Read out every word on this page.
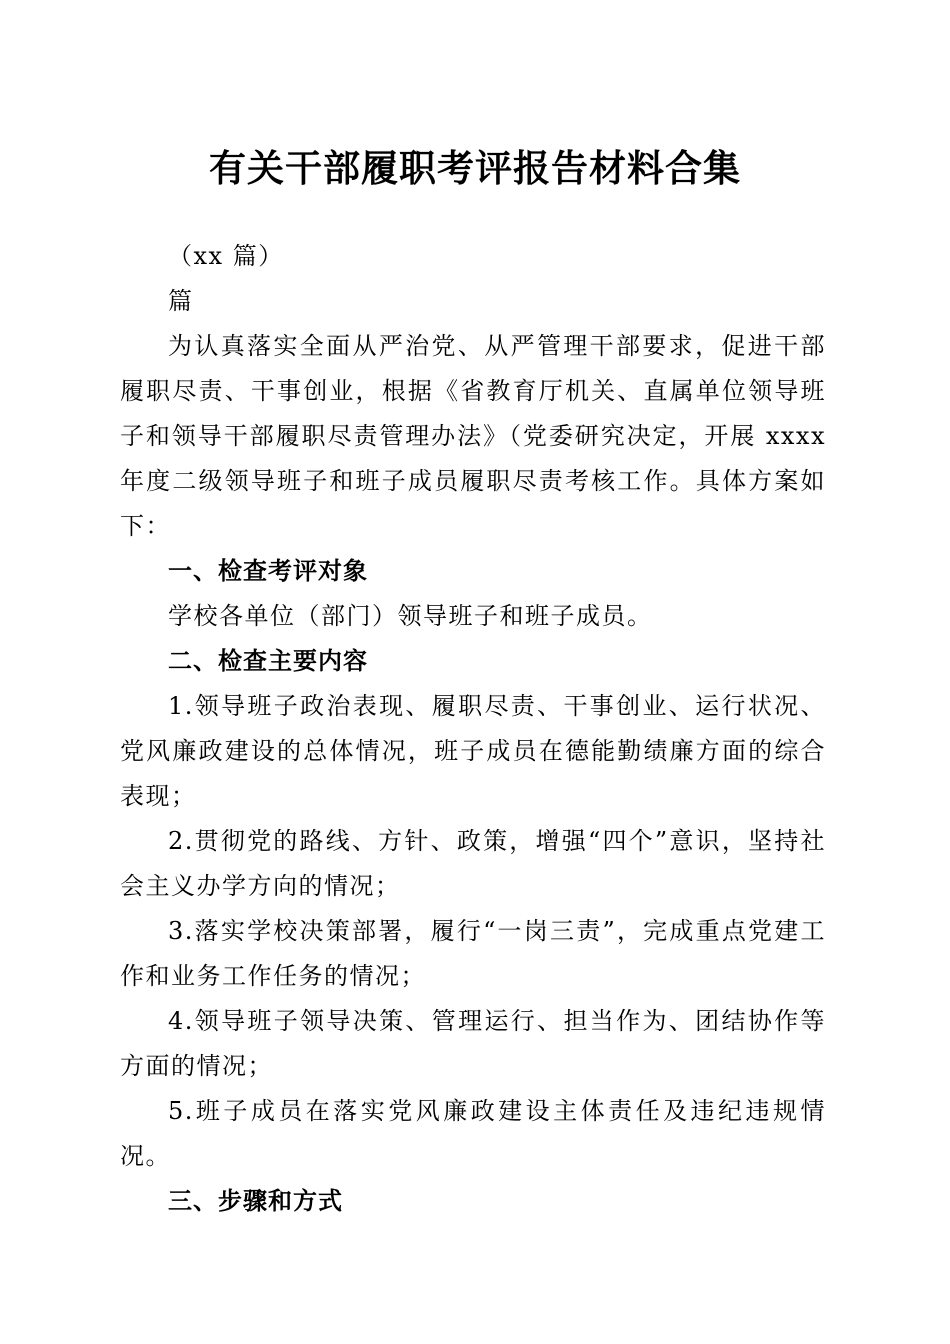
有关干部履职考评报告材料合集

（xx 篇）

篇

为认真落实全面从严治党、从严管理干部要求，促进干部履职尽责、干事创业，根据《省教育厅机关、直属单位领导班子和领导干部履职尽责管理办法》（党委研究决定，开展 xxxx 年度二级领导班子和班子成员履职尽责考核工作。具体方案如下：

一、检查考评对象

学校各单位（部门）领导班子和班子成员。

二、检查主要内容

1.领导班子政治表现、履职尽责、干事创业、运行状况、党风廉政建设的总体情况，班子成员在德能勤绩廉方面的综合表现；

2.贯彻党的路线、方针、政策，增强“四个”意识，坚持社会主义办学方向的情况；

3.落实学校决策部署，履行“一岗三责”，完成重点党建工作和业务工作任务的情况；

4.领导班子领导决策、管理运行、担当作为、团结协作等方面的情况；

5.班子成员在落实党风廉政建设主体责任及违纪违规情况。

三、步骤和方式
